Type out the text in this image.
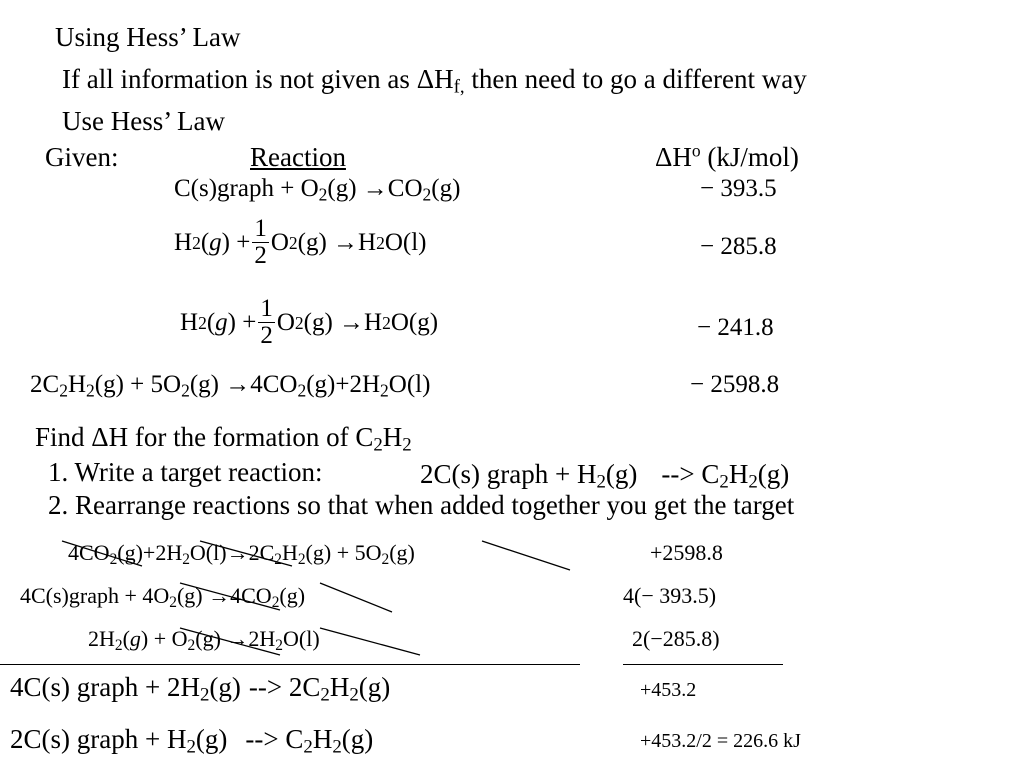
Using Hess’ Law
If all information is not given as $\Delta H_{f,}$ then need to go a different way
Use Hess’ Law
Given:	Reaction	$\Delta H^o$ (kJ/mol)
C(s)graph + $O_2(g) \to CO_2(g)$	− 393.5
H 2 ( g ) + $\frac{1}{2}$ O 2 (g) →H 2 O(l)	− 285.8
H 2 ( g ) + $\frac{1}{2}$ O 2 (g) →H 2 O(g)	− 241.8
$2C_2H_2(g) + 5O_2(g) \to 4CO_2(g)+2H_2O(l)$	− 2598.8
Find ΔH for the formation of $C_2H_2$
1. Write a target reaction:	2C(s) graph + $H_2(g)$ --> $C_2H_2(g)$
2. Rearrange reactions so that when added together you get the target
$4CO_2(g)+2H_2O(l)\to 2C_2H_2(g) + 5O_2(g)$	+2598.8
4C(s)graph + $4O_2(g) \to 4CO_2(g)$	4(− 393.5)
$2H_2(g) + O_2(g) \to 2H_2O(l)$	2(−285.8)
4C(s) graph + $2H_2(g)$ --> $2C_2H_2(g)$	+453.2
2C(s) graph + $H_2(g)$ --> $C_2H_2(g)$	+453.2/2 = 226.6 kJ
